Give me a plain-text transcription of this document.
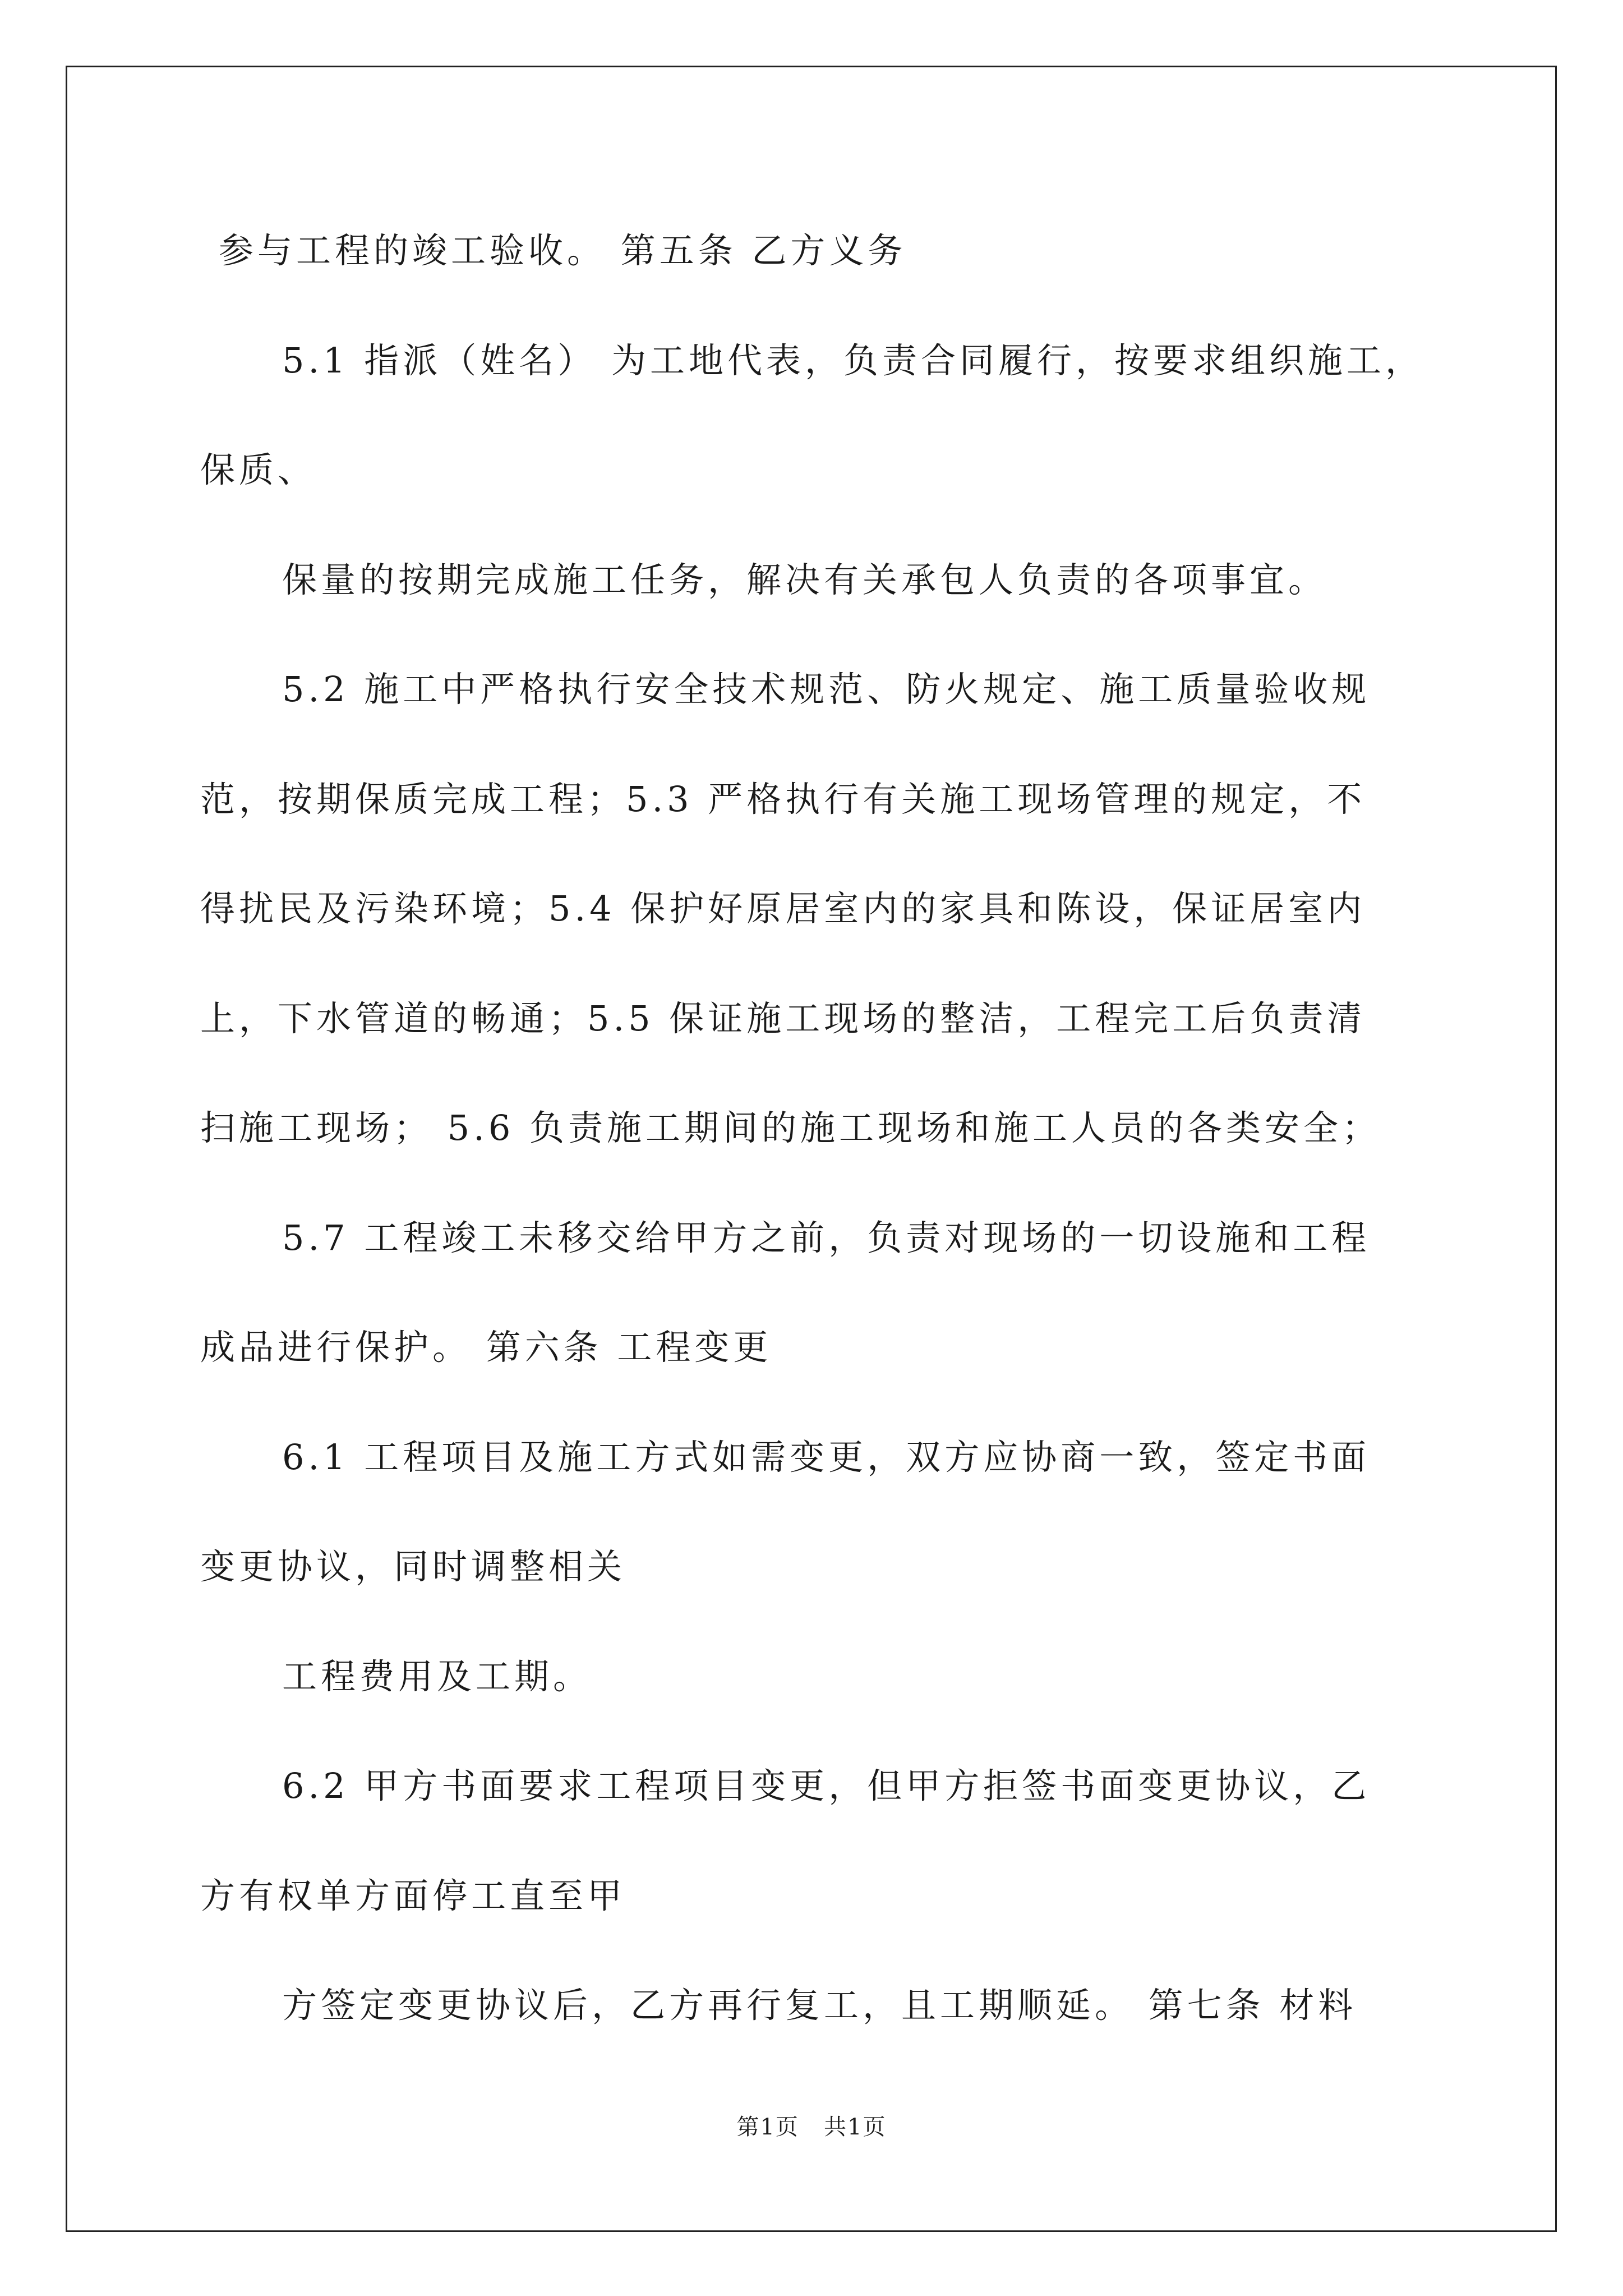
参与工程的竣工验收。 第五条 乙方义务
5.1 指派（姓名） 为工地代表，负责合同履行，按要求组织施工，
保质、
保量的按期完成施工任务，解决有关承包人负责的各项事宜。
5.2 施工中严格执行安全技术规范、防火规定、施工质量验收规
范，按期保质完成工程；5.3 严格执行有关施工现场管理的规定，不
得扰民及污染环境；5.4 保护好原居室内的家具和陈设，保证居室内
上，下水管道的畅通；5.5 保证施工现场的整洁，工程完工后负责清
扫施工现场； 5.6 负责施工期间的施工现场和施工人员的各类安全；
5.7 工程竣工未移交给甲方之前，负责对现场的一切设施和工程
成品进行保护。 第六条 工程变更
6.1 工程项目及施工方式如需变更，双方应协商一致，签定书面
变更协议，同时调整相关
工程费用及工期。
6.2 甲方书面要求工程项目变更，但甲方拒签书面变更协议，乙
方有权单方面停工直至甲
方签定变更协议后，乙方再行复工，且工期顺延。 第七条 材料
第1页   共1页
